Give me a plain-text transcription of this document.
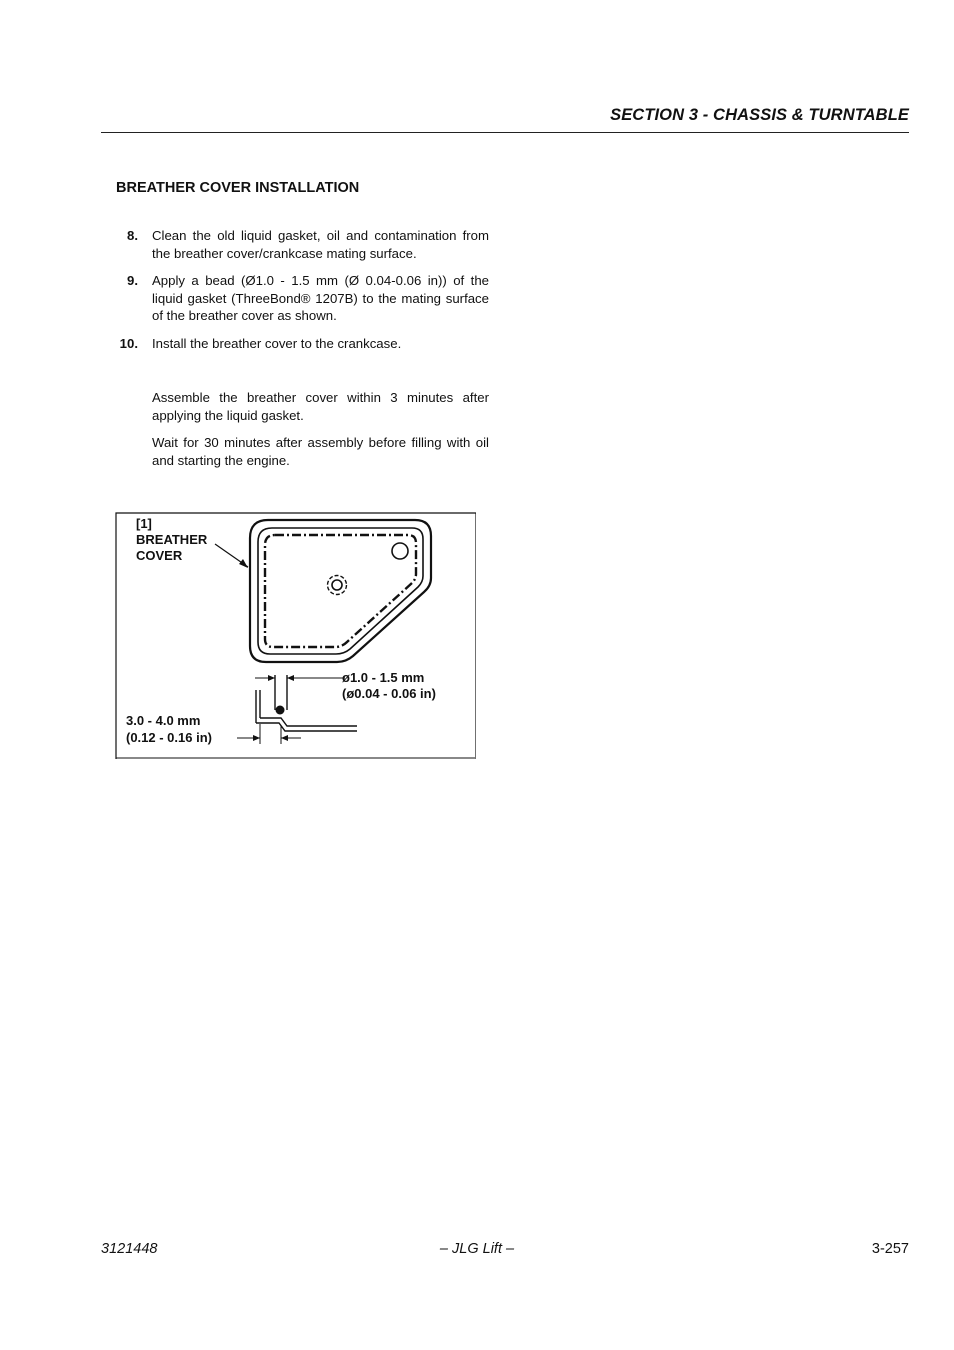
SECTION 3 - CHASSIS & TURNTABLE
BREATHER COVER INSTALLATION
8.	Clean the old liquid gasket, oil and contamination from the breather cover/crankcase mating surface.
9.	Apply a bead (Ø1.0 - 1.5 mm (Ø 0.04-0.06 in)) of the liquid gasket (ThreeBond® 1207B) to the mating surface of the breather cover as shown.
10.	Install the breather cover to the crankcase.
Assemble the breather cover within 3 minutes after applying the liquid gasket.
Wait for 30 minutes after assembly before filling with oil and starting the engine.
[1]
BREATHER
COVER
ø1.0 - 1.5 mm
(ø0.04 - 0.06 in)
3.0 - 4.0 mm
(0.12 - 0.16 in)
3121448	– JLG Lift –	3-257
